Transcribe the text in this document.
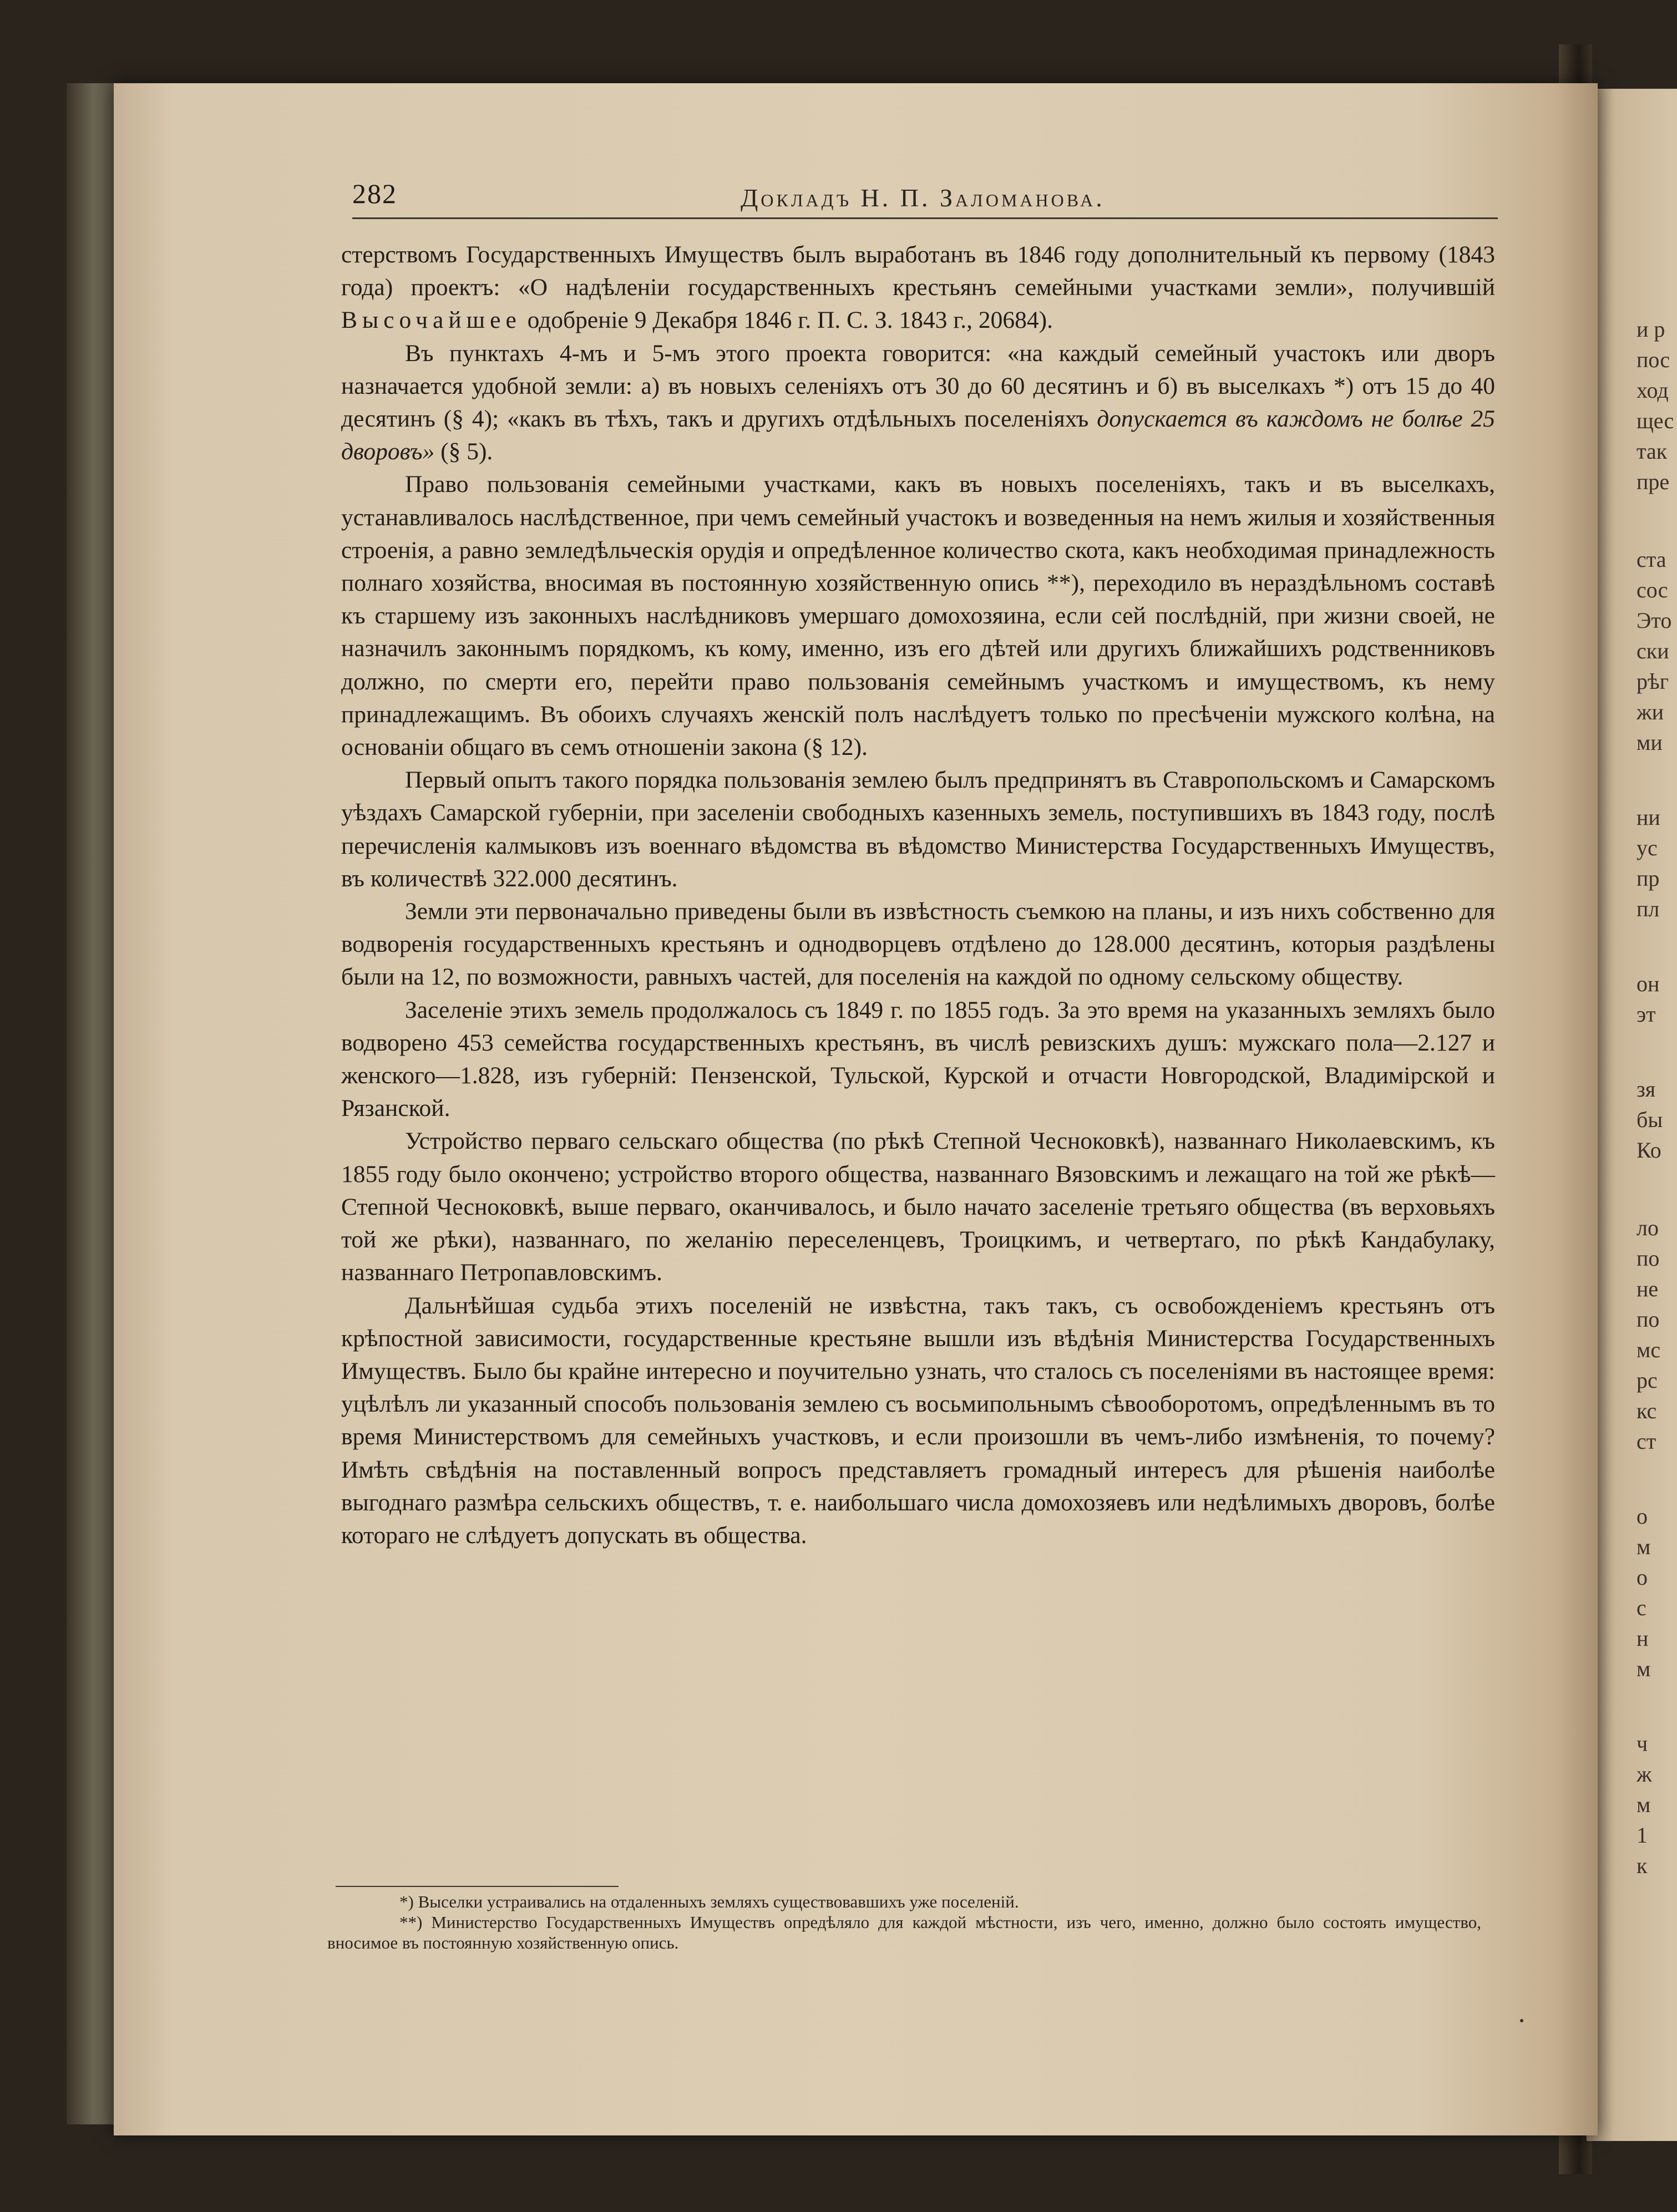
и р
пос
ход
щес
так
пре
ста
сос
Это
ски
рѣг
жи
ми
ни
ус
пр
пл
он
эт
зя
бы
Ко
ло
по
не
по
мс
рс
кс
ст
о
м
о
с
н
м
ч
ж
м
1
к
282	Докладъ Н. П. Заломанова.

стерствомъ Государственныхъ Имуществъ былъ выработанъ въ 1846 году дополнительный къ первому (1843 года) проектъ: «О надѣленіи государственныхъ крестьянъ семейными участками земли», получившій Высочайшее одобреніе 9 Декабря 1846 г. П. С. З. 1843 г., 20684).

Въ пунктахъ 4-мъ и 5-мъ этого проекта говорится: «на каждый семейный участокъ или дворъ назначается удобной земли: а) въ новыхъ селеніяхъ отъ 30 до 60 десятинъ и б) въ выселкахъ *) отъ 15 до 40 десятинъ (§ 4); «какъ въ тѣхъ, такъ и другихъ отдѣльныхъ поселеніяхъ допускается въ каждомъ не болѣе 25 дворовъ» (§ 5).

Право пользованія семейными участками, какъ въ новыхъ поселеніяхъ, такъ и въ выселкахъ, устанавливалось наслѣдственное, при чемъ семейный участокъ и возведенныя на немъ жилыя и хозяйственныя строенія, а равно земледѣльческія орудія и опредѣленное количество скота, какъ необходимая принадлежность полнаго хозяйства, вносимая въ постоянную хозяйственную опись **), переходило въ нераздѣльномъ составѣ къ старшему изъ законныхъ наслѣдниковъ умершаго домохозяина, если сей послѣдній, при жизни своей, не назначилъ законнымъ порядкомъ, къ кому, именно, изъ его дѣтей или другихъ ближайшихъ родственниковъ должно, по смерти его, перейти право пользованія семейнымъ участкомъ и имуществомъ, къ нему принадлежащимъ. Въ обоихъ случаяхъ женскій полъ наслѣдуетъ только по пресѣченіи мужского колѣна, на основаніи общаго въ семъ отношеніи закона (§ 12).

Первый опытъ такого порядка пользованія землею былъ предпринятъ въ Ставропольскомъ и Самарскомъ уѣздахъ Самарской губерніи, при заселеніи свободныхъ казенныхъ земель, поступившихъ въ 1843 году, послѣ перечисленія калмыковъ изъ военнаго вѣдомства въ вѣдомство Министерства Государственныхъ Имуществъ, въ количествѣ 322.000 десятинъ.

Земли эти первоначально приведены были въ извѣстность съемкою на планы, и изъ нихъ собственно для водворенія государственныхъ крестьянъ и однодворцевъ отдѣлено до 128.000 десятинъ, которыя раздѣлены были на 12, по возможности, равныхъ частей, для поселенія на каждой по одному сельскому обществу.

Заселеніе этихъ земель продолжалось съ 1849 г. по 1855 годъ. За это время на указанныхъ земляхъ было водворено 453 семейства государственныхъ крестьянъ, въ числѣ ревизскихъ душъ: мужскаго пола—2.127 и женского—1.828, изъ губерній: Пензенской, Тульской, Курской и отчасти Новгородской, Владимірской и Рязанской.

Устройство перваго сельскаго общества (по рѣкѣ Степной Чесноковкѣ), названнаго Николаевскимъ, къ 1855 году было окончено; устройство второго общества, названнаго Вязовскимъ и лежащаго на той же рѣкѣ—Степной Чесноковкѣ, выше перваго, оканчивалось, и было начато заселеніе третьяго общества (въ верховьяхъ той же рѣки), названнаго, по желанію переселенцевъ, Троицкимъ, и четвертаго, по рѣкѣ Кандабулаку, названнаго Петропавловскимъ.

Дальнѣйшая судьба этихъ поселеній не извѣстна, такъ такъ, съ освобожденіемъ крестьянъ отъ крѣпостной зависимости, государственные крестьяне вышли изъ вѣдѣнія Министерства Государственныхъ Имуществъ. Было бы крайне интересно и поучительно узнать, что сталось съ поселеніями въ настоящее время: уцѣлѣлъ ли указанный способъ пользованія землею съ восьмипольнымъ сѣвооборотомъ, опредѣленнымъ въ то время Министерствомъ для семейныхъ участковъ, и если произошли въ чемъ-либо измѣненія, то почему? Имѣть свѣдѣнія на поставленный вопросъ представляетъ громадный интересъ для рѣшенія наиболѣе выгоднаго размѣра сельскихъ обществъ, т. е. наибольшаго числа домохозяевъ или недѣлимыхъ дворовъ, болѣе котораго не слѣдуетъ допускать въ общества.

*) Выселки устраивались на отдаленныхъ земляхъ существовавшихъ уже поселеній.

**) Министерство Государственныхъ Имуществъ опредѣляло для каждой мѣстности, изъ чего, именно, должно было состоять имущество, вносимое въ постоянную хозяйственную опись.
